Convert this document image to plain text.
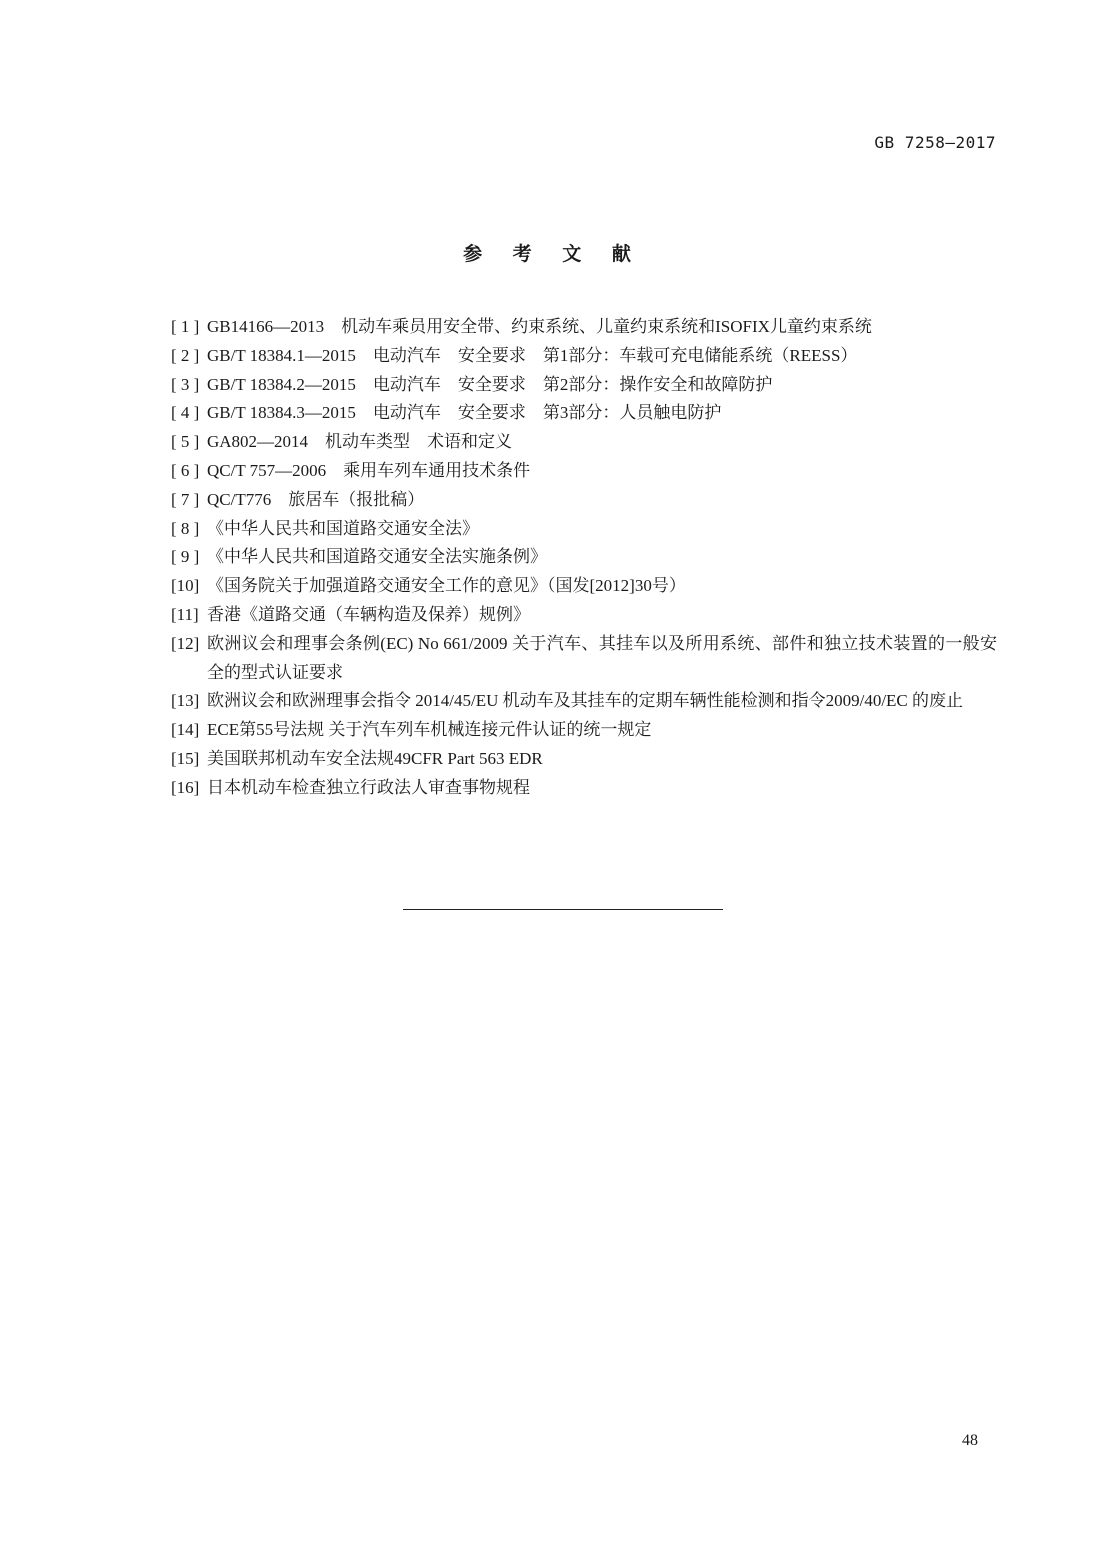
GB 7258—2017
参 考 文 献
[ 1 ] GB14166—2013　机动车乘员用安全带、约束系统、儿童约束系统和ISOFIX儿童约束系统
[ 2 ] GB/T 18384.1—2015　电动汽车　安全要求　第1部分：车载可充电储能系统（REESS）
[ 3 ] GB/T 18384.2—2015　电动汽车　安全要求　第2部分：操作安全和故障防护
[ 4 ] GB/T 18384.3—2015　电动汽车　安全要求　第3部分：人员触电防护
[ 5 ] GA802—2014　机动车类型　术语和定义
[ 6 ] QC/T 757—2006　乘用车列车通用技术条件
[ 7 ] QC/T776　旅居车（报批稿）
[ 8 ] 《中华人民共和国道路交通安全法》
[ 9 ] 《中华人民共和国道路交通安全法实施条例》
[10] 《国务院关于加强道路交通安全工作的意见》（国发[2012]30号）
[11] 香港《道路交通（车辆构造及保养）规例》
[12] 欧洲议会和理事会条例(EC) No 661/2009 关于汽车、其挂车以及所用系统、部件和独立技术装置的一般安全的型式认证要求
[13] 欧洲议会和欧洲理事会指令 2014/45/EU 机动车及其挂车的定期车辆性能检测和指令2009/40/EC 的废止
[14] ECE第55号法规 关于汽车列车机械连接元件认证的统一规定
[15] 美国联邦机动车安全法规49CFR Part 563 EDR
[16] 日本机动车检查独立行政法人审查事物规程
48
